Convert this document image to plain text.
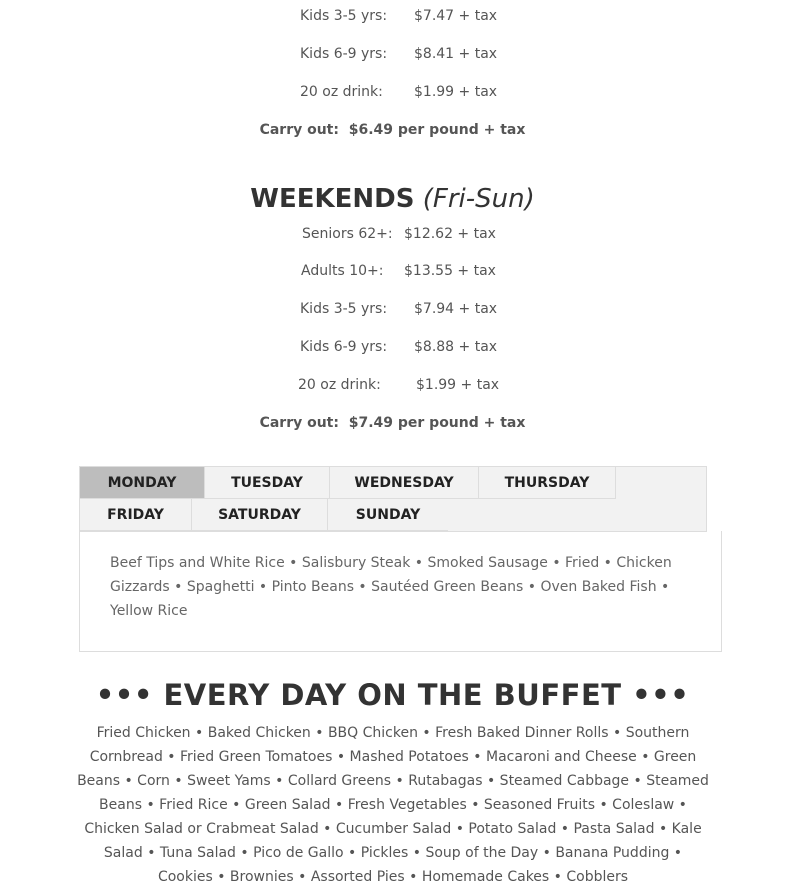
Kids 3-5 yrs: $7.47 + tax
Kids 6-9 yrs: $8.41 + tax
20 oz drink: $1.99 + tax
Carry out: $6.49 per pound + tax
WEEKENDS (Fri-Sun)
Seniors 62+: $12.62 + tax
Adults 10+: $13.55 + tax
Kids 3-5 yrs: $7.94 + tax
Kids 6-9 yrs: $8.88 + tax
20 oz drink:	$1.99 + tax
Carry out: $7.49 per pound + tax
MONDAY	TUESDAY	WEDNESDAY	THURSDAY
FRIDAY	SATURDAY	SUNDAY

Beef Tips and White Rice • Salisbury Steak • Smoked Sausage • Fried • Chicken Gizzards • Spaghetti • Pinto Beans • Sautéed Green Beans • Oven Baked Fish • Yellow Rice

••• EVERY DAY ON THE BUFFET •••

Fried Chicken • Baked Chicken • BBQ Chicken • Fresh Baked Dinner Rolls • Southern Cornbread • Fried Green Tomatoes • Mashed Potatoes • Macaroni and Cheese • Green Beans • Corn • Sweet Yams • Collard Greens • Rutabagas • Steamed Cabbage • Steamed Beans • Fried Rice • Green Salad • Fresh Vegetables • Seasoned Fruits • Coleslaw • Chicken Salad or Crabmeat Salad • Cucumber Salad • Potato Salad • Pasta Salad • Kale Salad • Tuna Salad • Pico de Gallo • Pickles • Soup of the Day • Banana Pudding • Cookies • Brownies • Assorted Pies • Homemade Cakes • Cobblers
